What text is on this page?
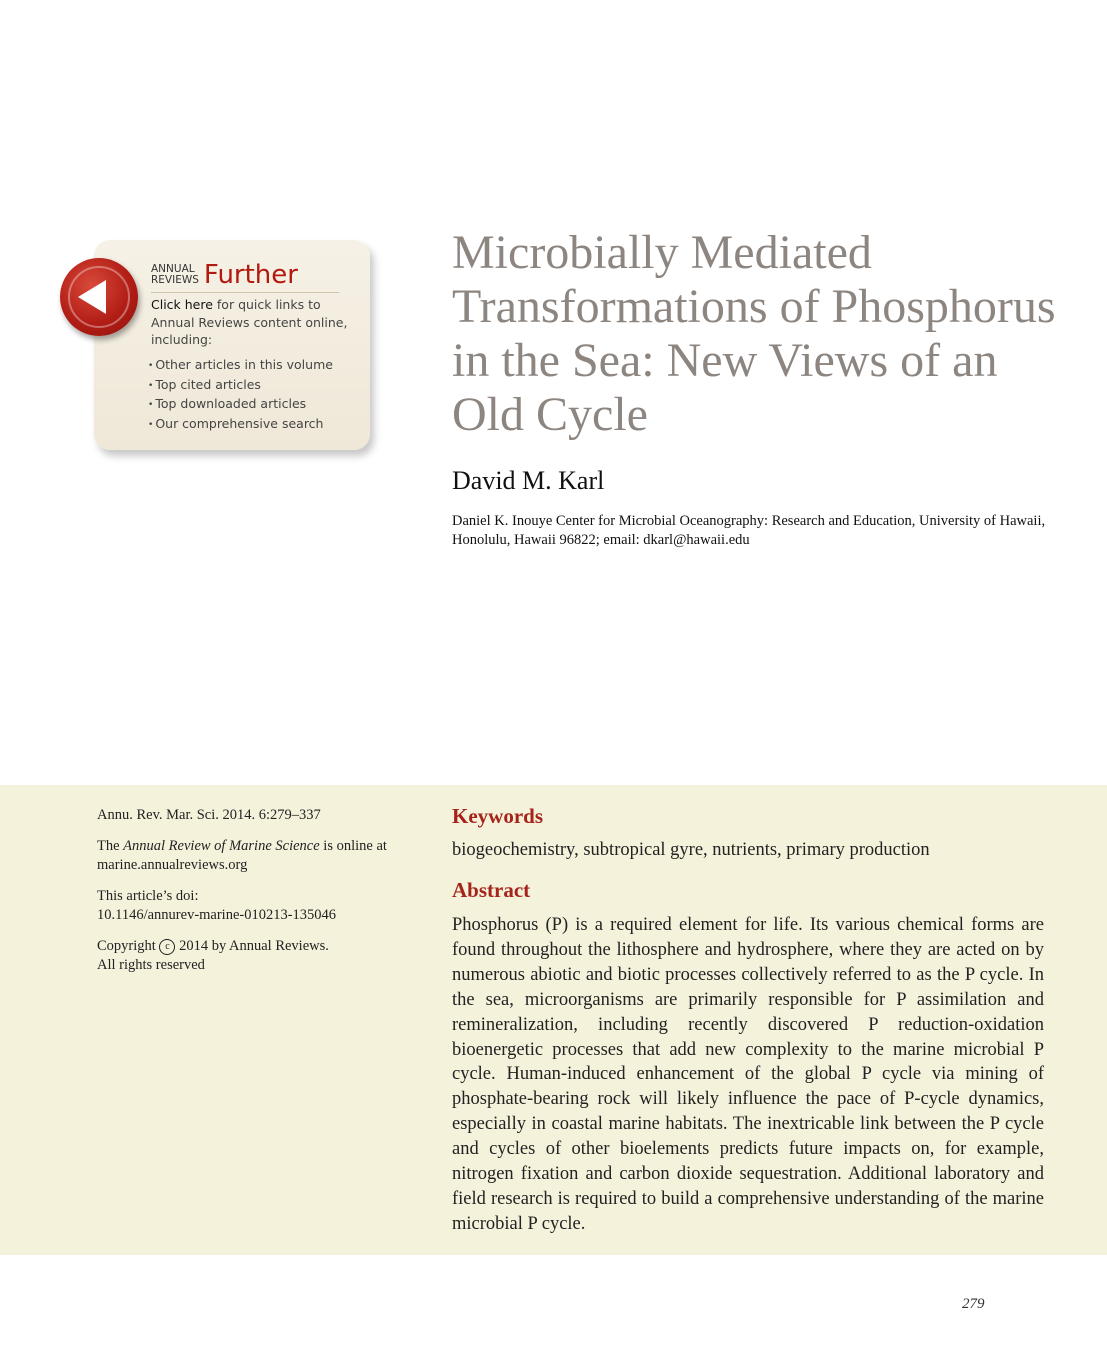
ANNUAL
REVIEWS Further
Click here for quick links to Annual Reviews content online, including:
• Other articles in this volume
• Top cited articles
• Top downloaded articles
• Our comprehensive search
Microbially Mediated Transformations of Phosphorus in the Sea: New Views of an Old Cycle
David M. Karl
Daniel K. Inouye Center for Microbial Oceanography: Research and Education, University of Hawaii, Honolulu, Hawaii 96822; email: dkarl@hawaii.edu

Annu. Rev. Mar. Sci. 2014. 6:279–337

The Annual Review of Marine Science is online at
marine.annualreviews.org

This article’s doi:
10.1146/annurev-marine-010213-135046

Copyright c 2014 by Annual Reviews.
All rights reserved

Keywords
biogeochemistry, subtropical gyre, nutrients, primary production
Abstract

Phosphorus (P) is a required element for life. Its various chemical forms are found throughout the lithosphere and hydrosphere, where they are acted on by numerous abiotic and biotic processes collectively referred to as the P cycle. In the sea, microorganisms are primarily responsible for P assimilation and remineralization, including recently discovered P reduction-oxidation bioenergetic processes that add new complexity to the marine microbial P cycle. Human-induced enhancement of the global P cycle via mining of phosphate-bearing rock will likely influence the pace of P-cycle dynamics, especially in coastal marine habitats. The inextricable link between the P cycle and cycles of other bioelements predicts future impacts on, for example, nitrogen fixation and carbon dioxide sequestration. Additional laboratory and field research is required to build a comprehensive understanding of the marine microbial P cycle.

279
